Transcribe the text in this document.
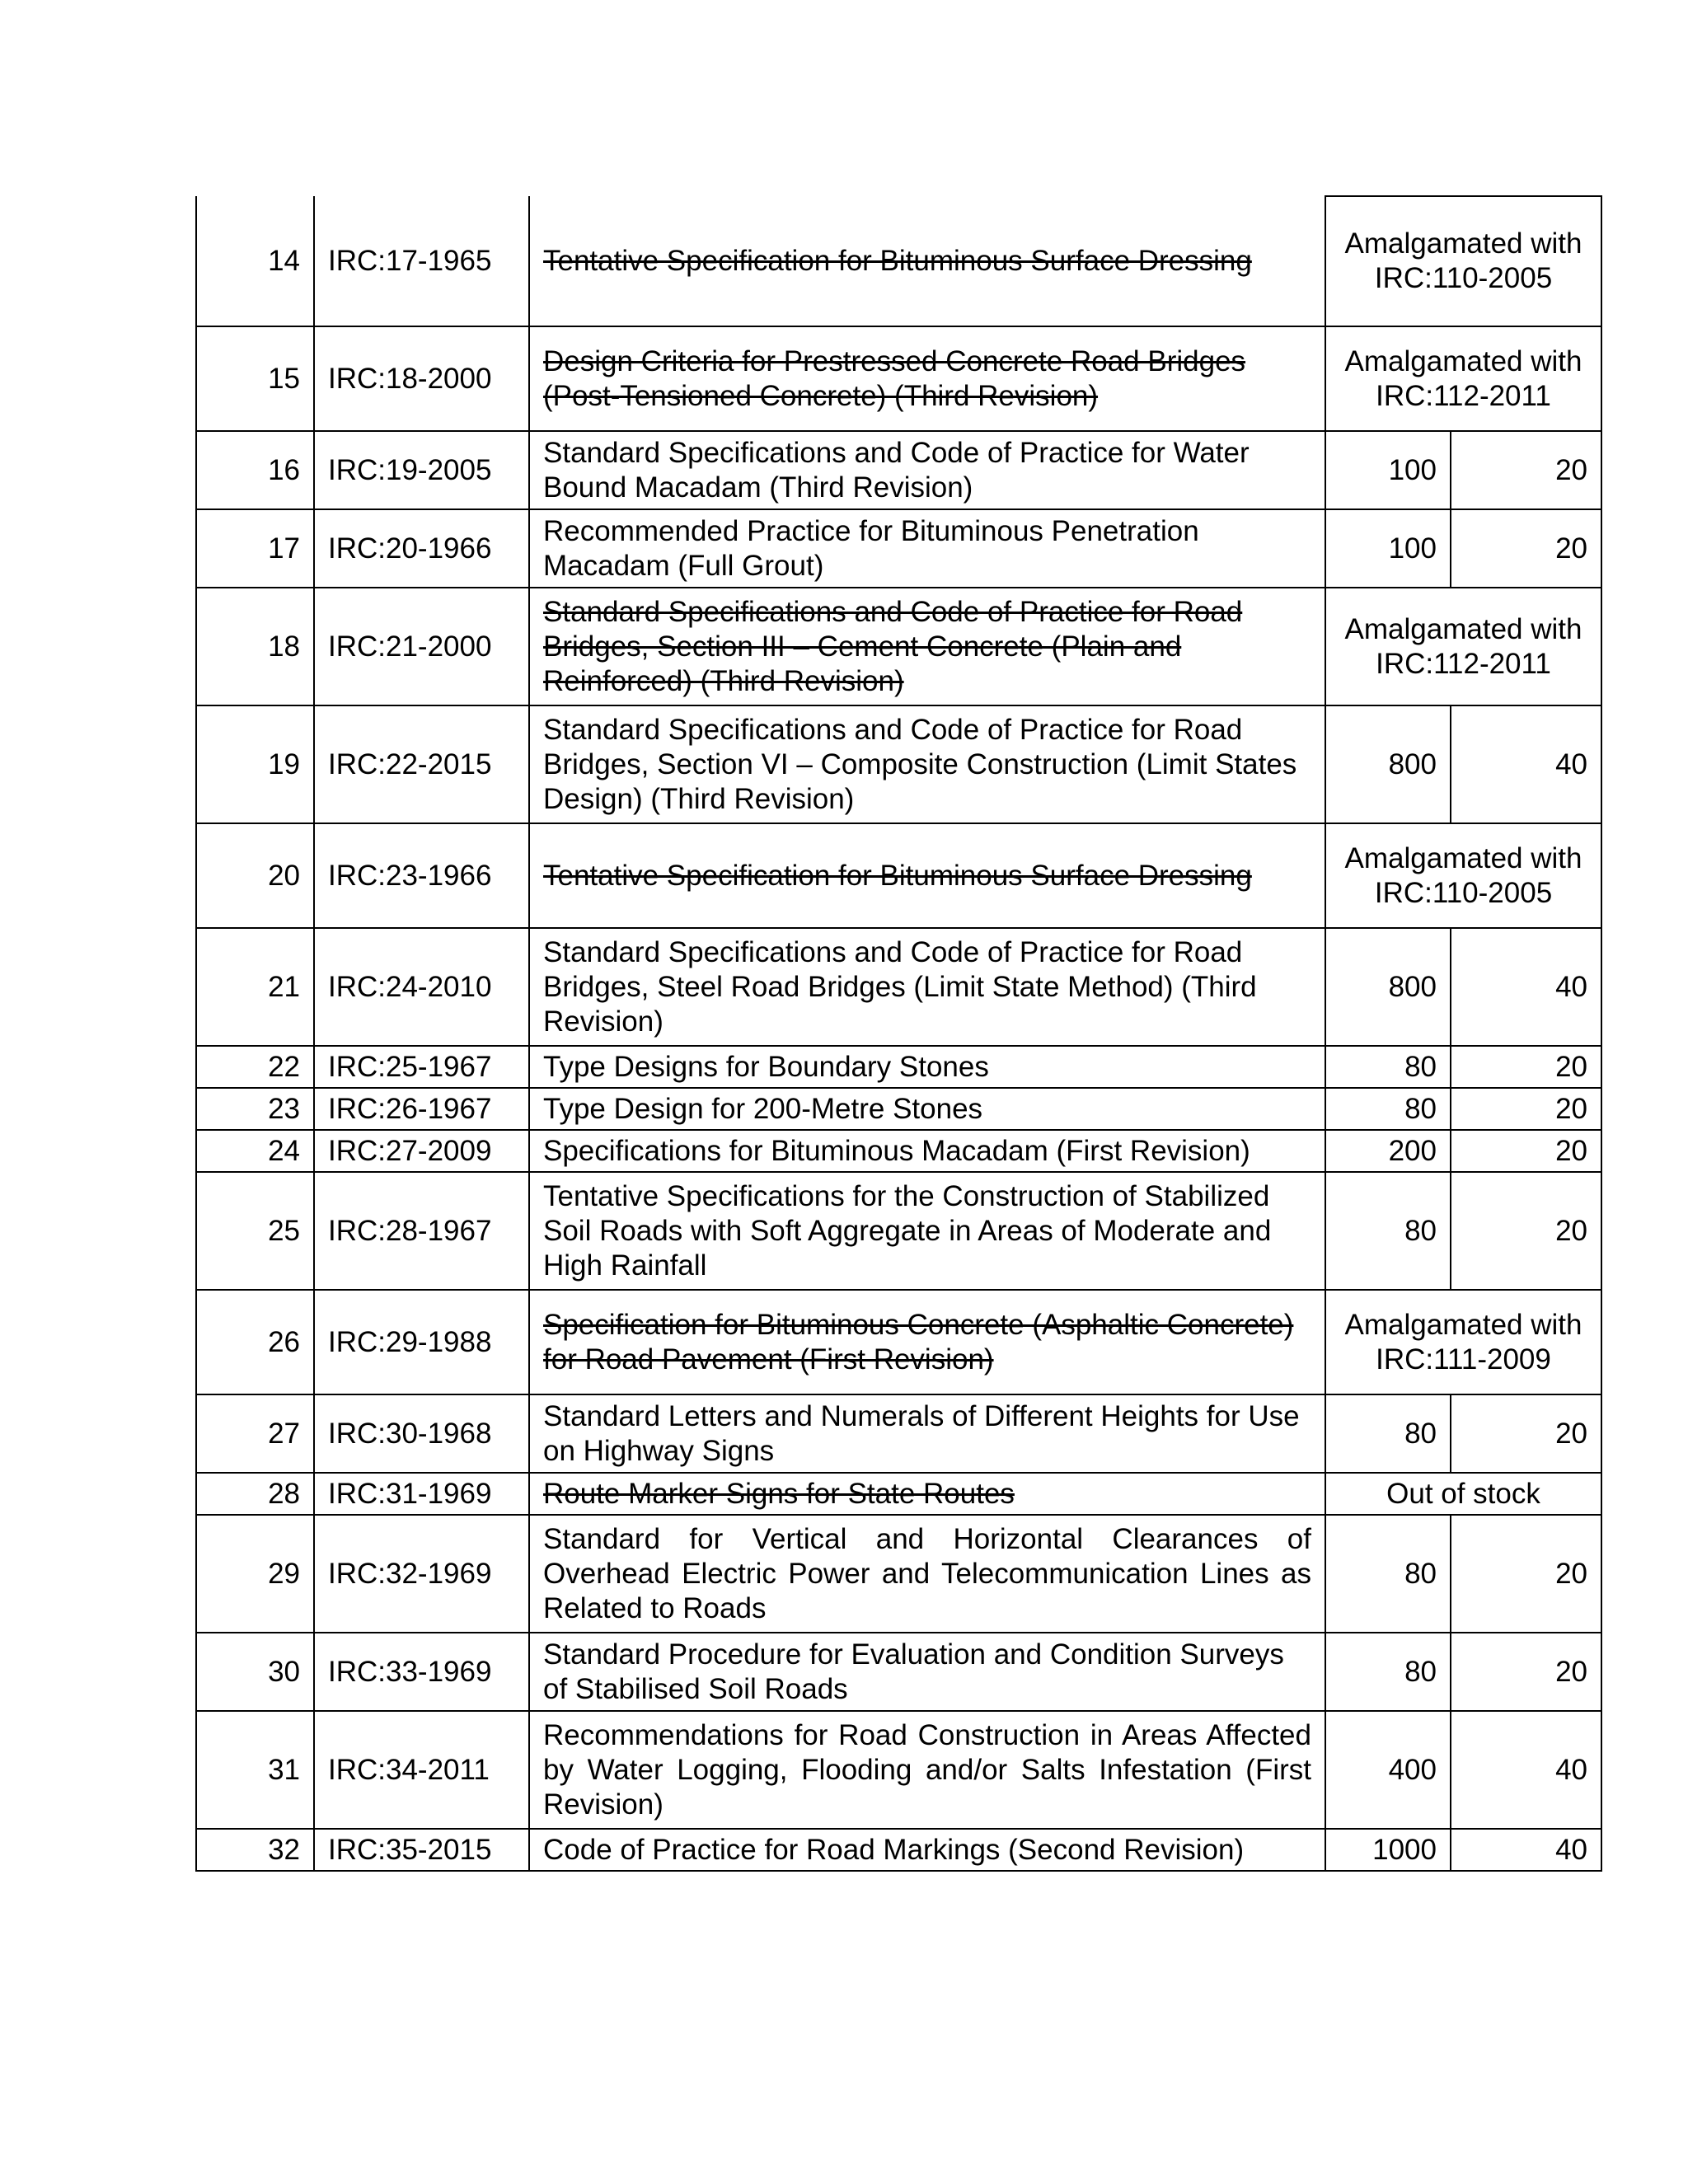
14	IRC:17-1965	Tentative Specification for Bituminous Surface Dressing	Amalgamated with IRC:110-2005	
15	IRC:18-2000	Design Criteria for Prestressed Concrete Road Bridges (Post-Tensioned Concrete) (Third Revision)	Amalgamated with IRC:112-2011	
16	IRC:19-2005	Standard Specifications and Code of Practice for Water Bound Macadam (Third Revision)	100	20
17	IRC:20-1966	Recommended Practice for Bituminous Penetration Macadam (Full Grout)	100	20
18	IRC:21-2000	Standard Specifications and Code of Practice for Road Bridges, Section III – Cement Concrete (Plain and Reinforced) (Third Revision)	Amalgamated with IRC:112-2011	
19	IRC:22-2015	Standard Specifications and Code of Practice for Road Bridges, Section VI – Composite Construction (Limit States Design) (Third Revision)	800	40
20	IRC:23-1966	Tentative Specification for Bituminous Surface Dressing	Amalgamated with IRC:110-2005	
21	IRC:24-2010	Standard Specifications and Code of Practice for Road Bridges, Steel Road Bridges (Limit State Method) (Third Revision)	800	40
22	IRC:25-1967	Type Designs for Boundary Stones	80	20
23	IRC:26-1967	Type Design for 200-Metre Stones	80	20
24	IRC:27-2009	Specifications for Bituminous Macadam (First Revision)	200	20
25	IRC:28-1967	Tentative Specifications for the Construction of Stabilized Soil Roads with Soft Aggregate in Areas of Moderate and High Rainfall	80	20
26	IRC:29-1988	Specification for Bituminous Concrete (Asphaltic Concrete) for Road Pavement (First Revision)	Amalgamated with IRC:111-2009	
27	IRC:30-1968	Standard Letters and Numerals of Different Heights for Use on Highway Signs	80	20
28	IRC:31-1969	Route Marker Signs for State Routes	Out of stock	
29	IRC:32-1969	Standard for Vertical and Horizontal Clearances of Overhead Electric Power and Telecommunication Lines as Related to Roads	80	20
30	IRC:33-1969	Standard Procedure for Evaluation and Condition Surveys of Stabilised Soil Roads	80	20
31	IRC:34-2011	Recommendations for Road Construction in Areas Affected by Water Logging, Flooding and/or Salts Infestation (First Revision)	400	40
32	IRC:35-2015	Code of Practice for Road Markings (Second Revision)	1000	40
